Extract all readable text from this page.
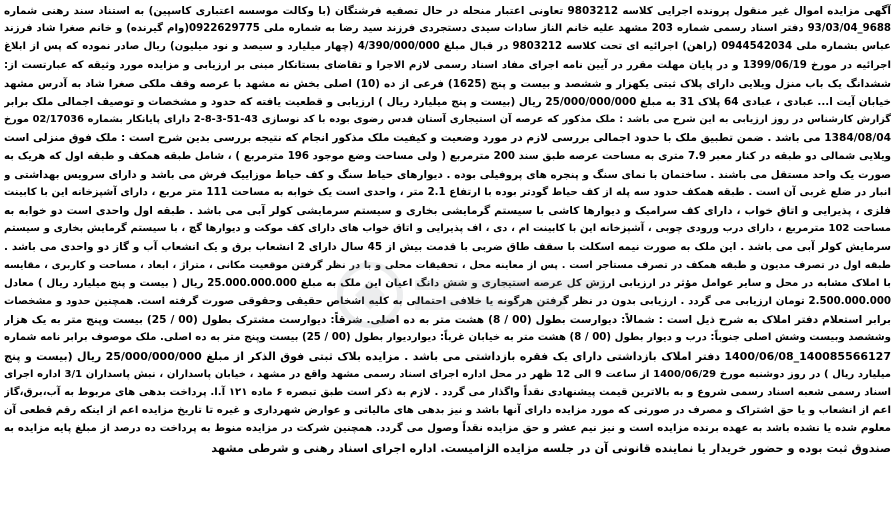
آگهی مزایده اموال غیر منقول پرونده اجرایی کلاسه 9803212 تعاونی اعتبار منحله در حال تصفیه فرشتگان (با وکالت موسسه اعتباری کاسپین) به استناد سند رهنی شماره
9688_93/03/04 دفتر اسناد رسمی شماره 203 مشهد علیه خانم الناز سادات سیدی دستجردی فرزند سید رضا به شماره ملی 0922629775(وام گیرنده) و خانم صغرا شاد فرزند
عباس بشماره ملی 0944542034 (راهن) اجرائیه ای تحت کلاسه 9803212 در قبال مبلغ 4/390/000/000 (چهار میلیارد و سیصد و نود میلیون) ریال صادر نموده که پس از ابلاغ
اجرائیه در مورخ 1399/06/19 و در پایان مهلت مقرر در آیین نامه اجرای مفاد اسناد رسمی لازم الاجرا و تقاضای بستانکار مبنی بر ارزیابی و مزایده مورد وثیقه که عبارتست از:
ششدانگ یک باب منزل ویلایی دارای پلاک ثبتی یکهزار و ششصد و بیست و پنج (1625) فرعی از ده (10) اصلی بخش نه مشهد با عرصه وقف ملکی صغرا شاد به آدرس مشهد
خیابان آیت ا... عبادی ، عبادی 64 پلاک 31 به مبلغ 25/000/000/000 ریال (بیست و پنج میلیارد ریال ) ارزیابی و قطعیت یافته که حدود و مشخصات و توصیف اجمالی ملک برابر
گزارش کارشناس در روز ارزیابی به این شرح می باشد : ملک مذکور که عرصه آن استیجاری آستان قدس رضوی بوده با کد نوسازی 43-51-3-8-2 دارای پایانکار بشماره 02/17036 مورخ
1384/08/04 می باشد . ضمن تطبیق ملک با حدود اجمالی بررسی لازم در مورد وضعیت و کیفیت ملک مذکور انجام که نتیجه بررسی بدین شرح است : ملک فوق منزلی است
ویلایی شمالی دو طبقه در کنار معبر 7.9 متری به مساحت عرصه طبق سند 200 مترمربع ( ولی مساحت وضع موجود 196 مترمربع ) ، شامل طبقه همکف و طبقه اول که هریک به
صورت یک واحد مستقل می باشند . ساختمان با نمای سنگ و پنجره های پروفیلی بوده . دیوارهای حیاط سنگ و کف حیاط موزاییک فرش می باشد و دارای سرویس بهداشتی و
انبار در ضلع غربی آن است . طبقه همکف حدود سه پله از کف حیاط گودتر بوده با ارتفاع 2.1 متر ، واحدی است یک خوابه به مساحت 111 متر مربع ، دارای آشپزخانه این با کابینت
فلزی ، پذیرایی و اتاق خواب ، دارای کف سرامیک و دیوارها کاشی با سیستم گرمایشی بخاری و سیستم سرمایشی کولر آبی می باشد . طبقه اول واحدی است دو خوابه به
مساحت 102 مترمربع ، دارای درب ورودی چوبی ، آشپزخانه این با کابینت ام ، دی ، اف پذیرایی و اتاق خواب های دارای کف موکت و دیوارها گچ ، با سیستم گرمایش بخاری و سیستم
سرمایش کولر آبی می باشد . این ملک به صورت نیمه اسکلت با سقف طاق ضربی با قدمت بیش از 45 سال دارای 2 انشعاب برق و یک انشعاب آب و گاز دو واحدی می باشد .
طبقه اول در تصرف مدیون و طبقه همکف در تصرف مستاجر است . پس از معاینه محل ، تحقیقات محلی و با در نظر گرفتن موقعیت مکانی ، متراژ ، ابعاد ، مساحت و کاربری ، مقایسه
با املاک مشابه در محل و سایر عوامل مؤثر در ارزیابی ارزش کل عرصه استیجاری و شش دانگ اعیان این ملک به مبلغ 25.000.000.000 ریال ( بیست و پنج میلیارد ریال ) معادل
2.500.000.000 تومان ارزیابی می گردد . ارزیابی بدون در نظر گرفتن هرگونه یا خلافی احتمالی به کلیه اشخاص حقیقی وحقوقی صورت گرفته است. همچنین حدود و مشخصات
برابر استعلام دفتر املاک به شرح ذیل است : شمالاً: دیوارست بطول (00 / 8) هشت متر به ده اصلی. شرقاً: دیوارست مشترک بطول (00 / 25) بیست وپنج متر به یک هزار
وششصد وبیست وشش اصلی جنوباً: درب و دیوار بطول (00 / 8) هشت متر به خیابان غرباً: دیواردیوار بطول (00 / 25) بیست وپنج متر به ده اصلی. ملک موصوف برابر نامه شماره
140085566127_1400/06/08 دفتر املاک بازداشتی دارای یک فقره بازداشتی می باشد . مزایده بلاک ثبتی فوق الذکر از مبلغ 25/000/000/000 ریال (بیست و پنج
میلیارد ریال ) در روز دوشنبه مورخ 1400/06/29 از ساعت 9 الی 12 ظهر در محل اداره اجرای اسناد رسمی مشهد واقع در مشهد ، خیابان پاسداران ، نبش پاسداران 3/1 اداره اجرای
اسناد رسمی شعبه اسناد رسمی شروع و به بالاترین قیمت پیشنهادی نقداً واگذار می گردد . لازم به ذکر است طبق تبصره ۶ ماده ۱۲۱ آ.ا. پرداخت بدهی های مربوط به آب،برق،گاز
اعم از انشعاب و یا حق اشتراک و مصرف در صورتی که مورد مزایده دارای آنها باشد و نیز بدهی های مالیاتی و عوارض شهرداری و غیره تا تاریخ مزایده اعم از اینکه رقم قطعی آن
معلوم شده یا نشده باشد به عهده برنده مزایده است و نیز نیم عشر و حق مزایده نقداً وصول می گردد. همچنین شرکت در مزایده منوط به پرداخت ده درصد از مبلغ پایه مزایده به
صندوق ثبت بوده و حضور خریدار یا نماینده قانونی آن در جلسه مزایده الزامیست. اداره اجرای اسناد رهنی و شرطی مشهد
